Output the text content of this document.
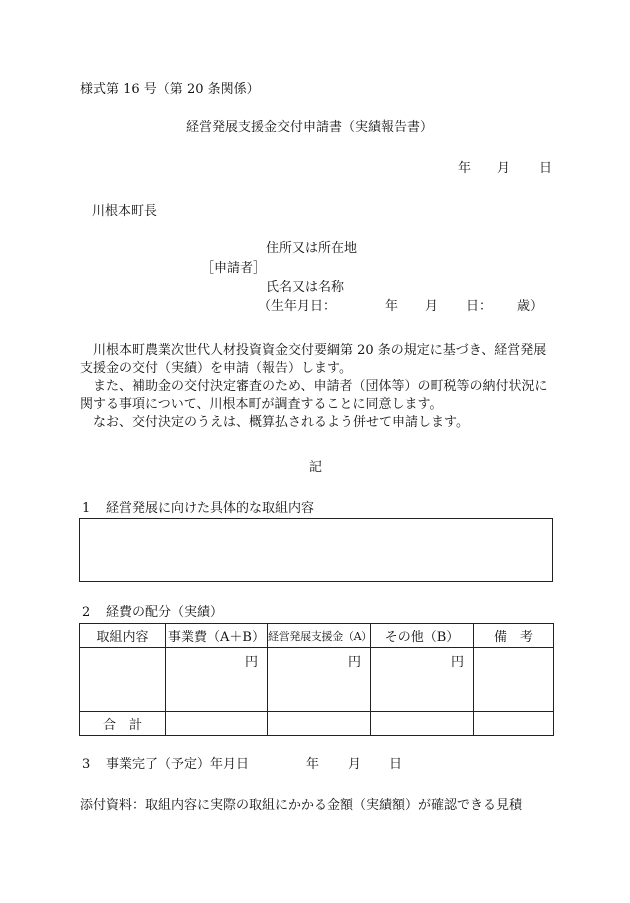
様式第 16 号（第 20 条関係）
経営発展支援金交付申請書（実績報告書）
年 月 日
川根本町長
住所又は所在地
［申請者］
氏名又は名称
（生年月日：	年 月 日： 歳）

川根本町農業次世代人材投資資金交付要綱第 20 条の規定に基づき、経営発展支援金の交付（実績）を申請（報告）します。

また、補助金の交付決定審査のため、申請者（団体等）の町税等の納付状況に関する事項について、川根本町が調査することに同意します。

なお、交付決定のうえは、概算払されるよう併せて申請します。

記
1 経営発展に向けた具体的な取組内容
2 経費の配分（実績）
取組内容	事業費（A＋B）	経営発展支援金（A）	その他（B）	備　考
	円	円	円	
合　計				
3 事業完了（予定）年月日	年 月 日
添付資料：取組内容に実際の取組にかかる金額（実績額）が確認できる見積
